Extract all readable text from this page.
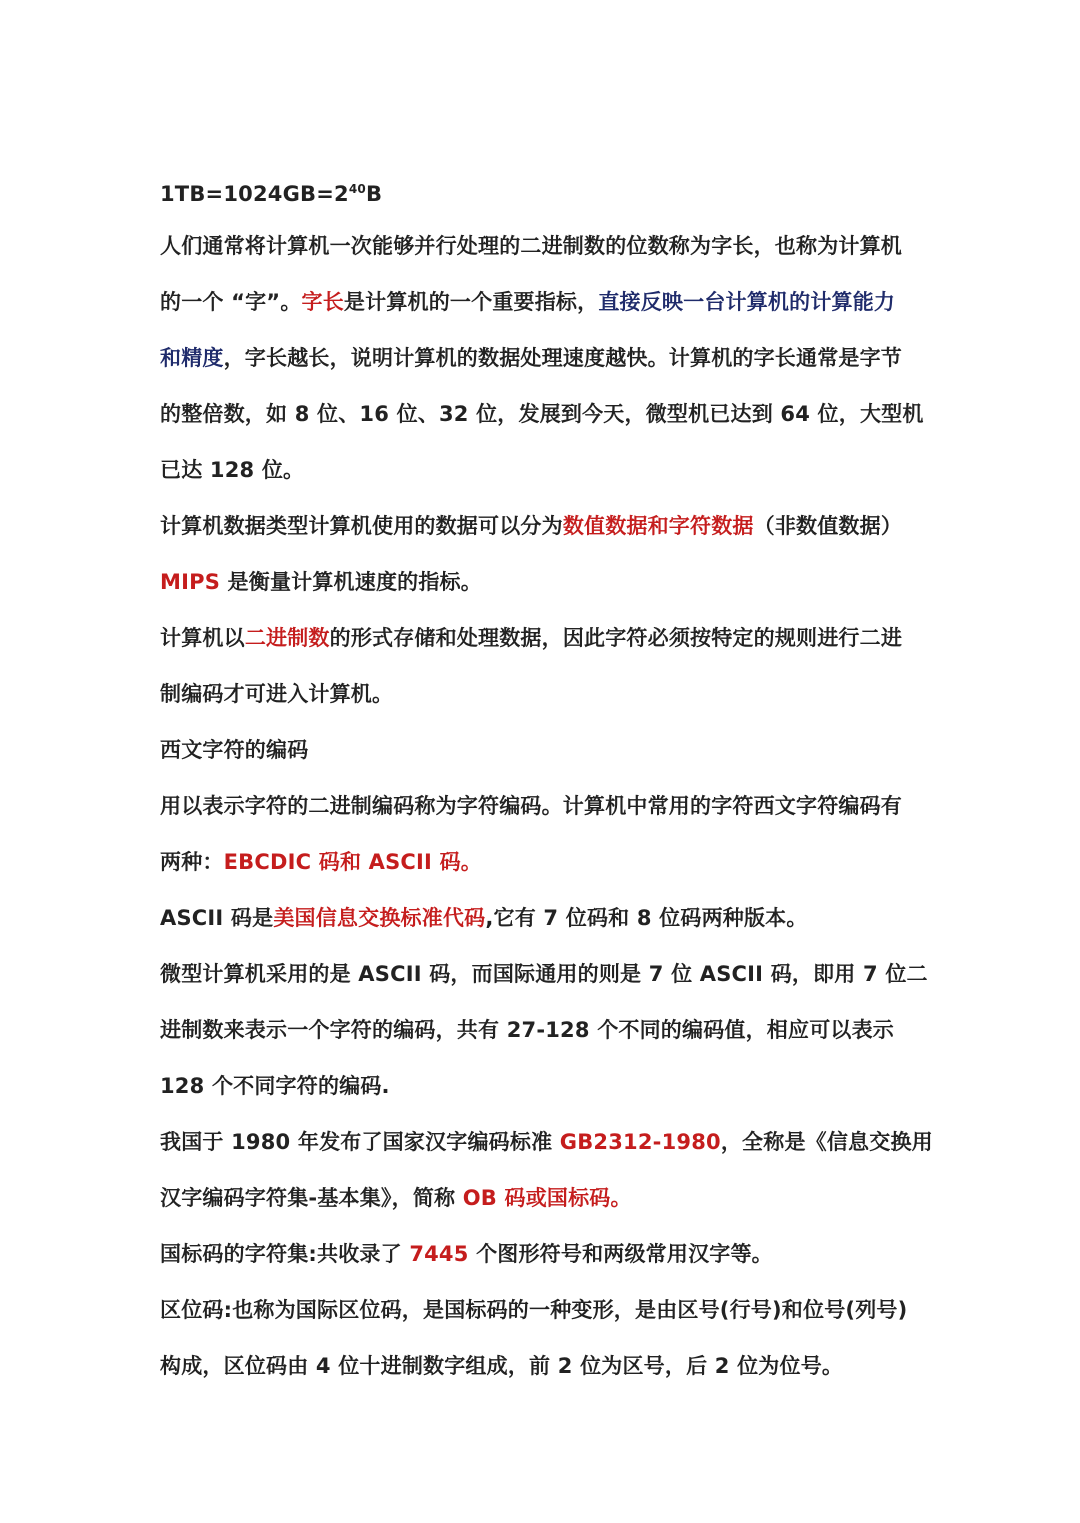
$1TB=1024GB=2^{40}B$
人们通常将计算机一次能够并行处理的二进制数的位数称为字长，也称为计算机
的一个 “字”。字长是计算机的一个重要指标，直接反映一台计算机的计算能力
和精度，字长越长，说明计算机的数据处理速度越快。计算机的字长通常是字节
的整倍数，如 8 位、16 位、32 位，发展到今天，微型机已达到 64 位，大型机
已达 128 位。
计算机数据类型计算机使用的数据可以分为数值数据和字符数据（非数值数据）
MIPS 是衡量计算机速度的指标。
计算机以二进制数的形式存储和处理数据，因此字符必须按特定的规则进行二进
制编码才可进入计算机。
西文字符的编码
用以表示字符的二进制编码称为字符编码。计算机中常用的字符西文字符编码有
两种：EBCDIC 码和 ASCII 码。
ASCII 码是美国信息交换标准代码,它有 7 位码和 8 位码两种版本。
微型计算机采用的是 ASCII 码，而国际通用的则是 7 位 ASCII 码，即用 7 位二
进制数来表示一个字符的编码，共有 27-128 个不同的编码值，相应可以表示
128 个不同字符的编码.
我国于 1980 年发布了国家汉字编码标准 GB2312-1980，全称是《信息交换用
汉字编码字符集-基本集》，简称 OB 码或国标码。
国标码的字符集:共收录了 7445 个图形符号和两级常用汉字等。
区位码:也称为国际区位码，是国标码的一种变形，是由区号(行号)和位号(列号)
构成，区位码由 4 位十进制数字组成，前 2 位为区号，后 2 位为位号。
